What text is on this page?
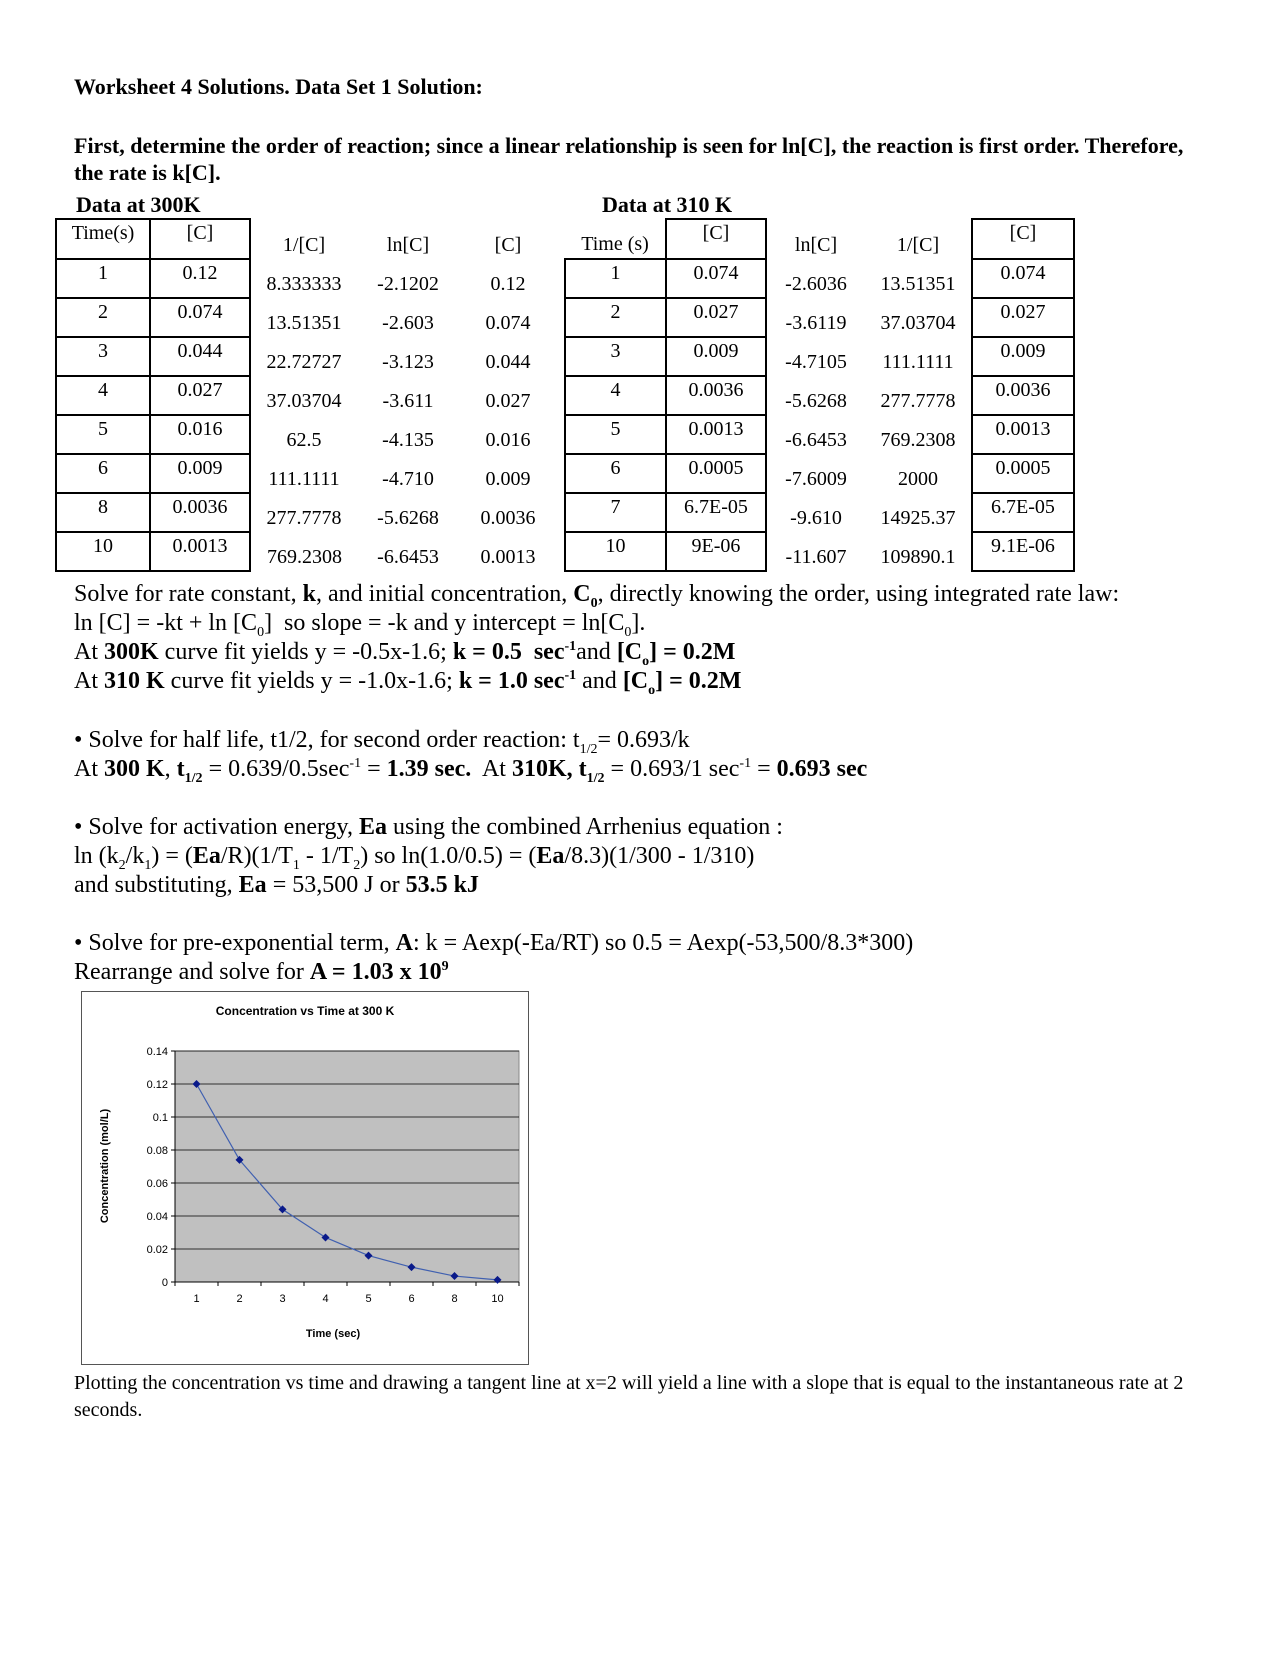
Worksheet 4 Solutions. Data Set 1 Solution:
First, determine the order of reaction; since a linear relationship is seen for ln[C], the reaction is first order. Therefore, the rate is k[C].
Data at 300K	Data at 310 K
Time(s)	[C]	1/[C]	ln[C]	[C]
1	0.12	8.333333	-2.1202	0.12
2	0.074	13.51351	-2.603	0.074
3	0.044	22.72727	-3.123	0.044
4	0.027	37.03704	-3.611	0.027
5	0.016	62.5	-4.135	0.016
6	0.009	111.1111	-4.710	0.009
8	0.0036	277.7778	-5.6268	0.0036
10	0.0013	769.2308	-6.6453	0.0013
Time (s)	[C]	ln[C]	1/[C]	[C]
1	0.074	-2.6036	13.51351	0.074
2	0.027	-3.6119	37.03704	0.027
3	0.009	-4.7105	111.1111	0.009
4	0.0036	-5.6268	277.7778	0.0036
5	0.0013	-6.6453	769.2308	0.0013
6	0.0005	-7.6009	2000	0.0005
7	6.7E-05	-9.610	14925.37	6.7E-05
10	9E-06	-11.607	109890.1	9.1E-06
Solve for rate constant, k, and initial concentration, $C_0$, directly knowing the order, using integrated rate law:
$\ln [C] = -kt + \ln [C_0]$  so slope = -k and y intercept = $\ln[C_0]$.
At 300K curve fit yields y = -0.5x-1.6; k = 0.5  $\sec^{-1}and$ $[C_o] = 0.2M$
At 310 K curve fit yields y = -1.0x-1.6; k = 1.0 $\sec^{-1}$ and $[C_o] = 0.2M$
• Solve for half life, t1/2, for second order reaction: $t_{1/2}= 0.693/k$
At 300 K, $t_{1/2} = 0.639/0.5\sec^{-1} = 1.39$ sec.  At 310K, $t_{1/2} = 0.693/1$ $\sec^{-1} = 0.693$ sec
• Solve for activation energy, Ea using the combined Arrhenius equation :
$\ln (k_2/k_1) = (Ea/R)(1/T_1 - 1/T_2)$ so ln(1.0/0.5) = (Ea/8.3)(1/300 - 1/310)
and substituting, Ea = 53,500 J or 53.5 kJ
• Solve for pre-exponential term, A: k = Aexp(-Ea/RT) so 0.5 = Aexp(-53,500/8.3*300)
Rearrange and solve for A = 1.03 x $10^9$
0
0.02
0.04
0.06
0.08
0.1
0.12
0.14
1	2	3	4	5	6	8	10
Concentration vs Time at 300 K
Time (sec)
Concentration (mol/L)
Plotting the concentration vs time and drawing a tangent line at x=2 will yield a line with a slope that is equal to the instantaneous rate at 2 seconds.
